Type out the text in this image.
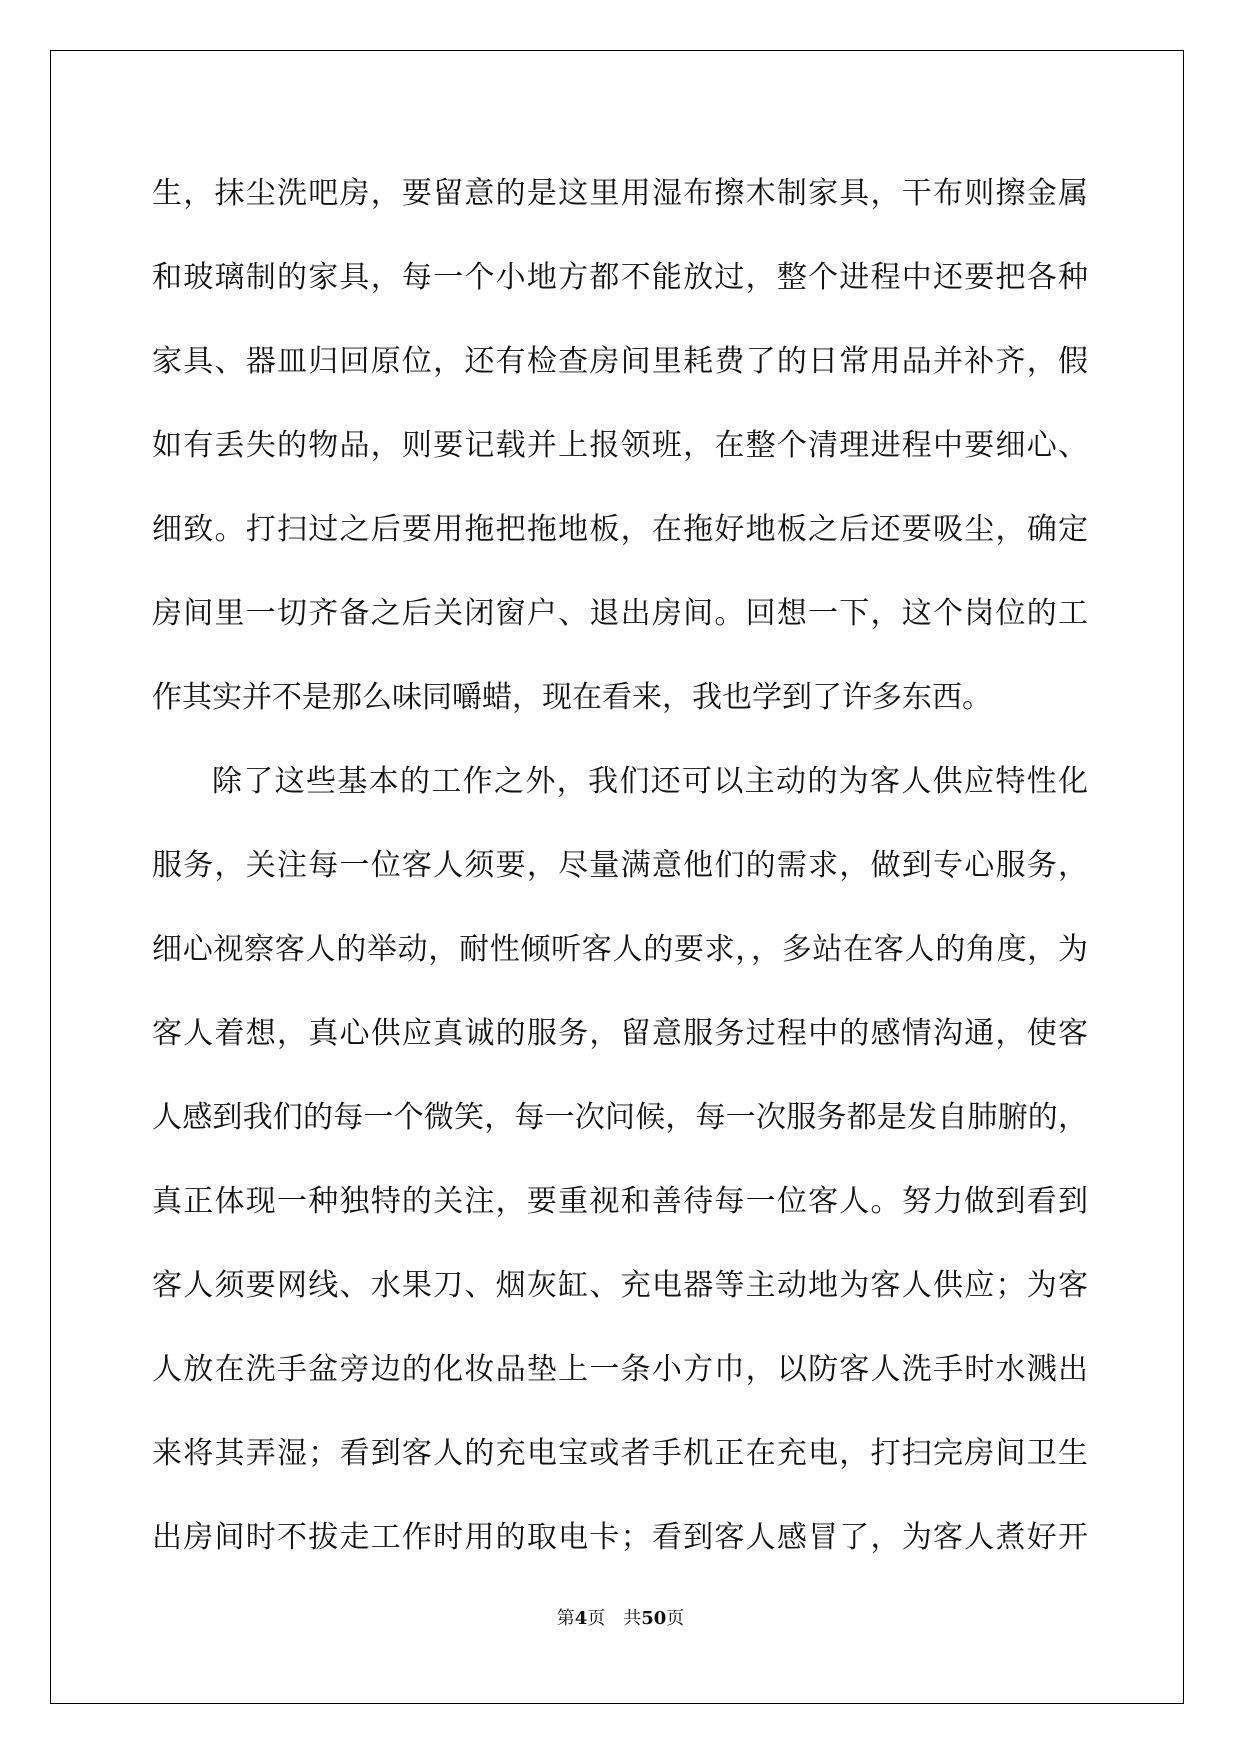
生，抹尘洗吧房，要留意的是这里用湿布擦木制家具，干布则擦金属
和玻璃制的家具，每一个小地方都不能放过，整个进程中还要把各种
家具、器皿归回原位，还有检查房间里耗费了的日常用品并补齐，假
如有丢失的物品，则要记载并上报领班，在整个清理进程中要细心、
细致。打扫过之后要用拖把拖地板，在拖好地板之后还要吸尘，确定
房间里一切齐备之后关闭窗户、退出房间。回想一下，这个岗位的工
作其实并不是那么味同嚼蜡，现在看来，我也学到了许多东西。
除了这些基本的工作之外，我们还可以主动的为客人供应特性化
服务，关注每一位客人须要，尽量满意他们的需求，做到专心服务，
细心视察客人的举动，耐性倾听客人的要求，，多站在客人的角度，为
客人着想，真心供应真诚的服务，留意服务过程中的感情沟通，使客
人感到我们的每一个微笑，每一次问候，每一次服务都是发自肺腑的，
真正体现一种独特的关注，要重视和善待每一位客人。努力做到看到
客人须要网线、水果刀、烟灰缸、充电器等主动地为客人供应；为客
人放在洗手盆旁边的化妆品垫上一条小方巾，以防客人洗手时水溅出
来将其弄湿；看到客人的充电宝或者手机正在充电，打扫完房间卫生
出房间时不拔走工作时用的取电卡；看到客人感冒了，为客人煮好开
第4页 共50页
